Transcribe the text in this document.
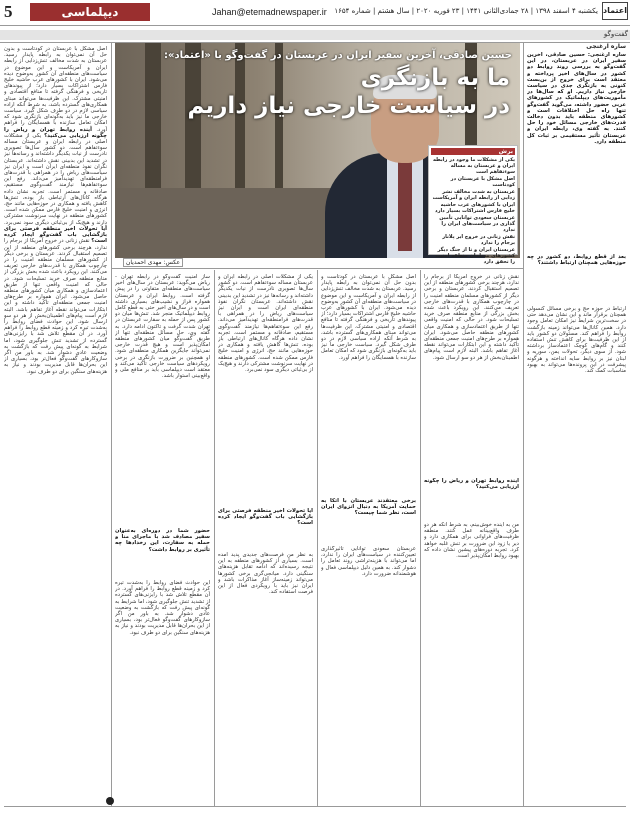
5	دیپلماسی	Jahan@etemadnewspaper.ir	یکشنبه ۴ اسفند ۱۳۹۸ | ۲۸ جمادی‌الثانی ۱۴۴۱ | ۲۳ فوریه ۲۰۲۰ | سال هشتم | شماره ۱۶۵۴ اعتماد
گفت‌وگو
ساره ارغنجی
حسین صادقی، آخرین سفیر ایران در عربستان در گفت‌وگو با «اعتماد»:
ما به بازنگری
در سیاست خارجی نیاز داریم
عکس: مهدی احمدیان
برش
یکی از مشکلات ما وجود در رابطه ایران و عربستان به مساله سوءتفاهم است
اصل مشکل با عربستان در کودتاست
عربستان به شدت مخالف نشر زدایی از رابطه ایران و آمریکاست
ایران با کشورهای عرب حاشیه خلیج فارس اشتراکات بسیار دارد
عربستان سعودی توانایی تأمین گذاری در سیاست‌های ایران را ندارد
نقش زنانی در خروج ایر پلانار برجام را ندارد
عربستان ایران و تا از جنگ دیگر کشورهای مسلمان منطقه امنیت را تحقق دارد
ساره ارغنجی: حسین صادقی، آخرین سفیر ایران در عربستان، در این گفت‌وگو به بررسی روند روابط دو کشور در سال‌های اخیر پرداخته و معتقد است برای خروج از بن‌بست کنونی به بازنگری جدی در سیاست خارجی نیاز داریم. او که سال‌ها در مأموریت‌های دیپلماتیک در کشورهای عربی حضور داشته، می‌گوید گفت‌وگو تنها راه حل اختلافات است و کشورهای منطقه باید بدون دخالت قدرت‌های خارجی مسائل خود را حل کنند. به گفته وی، رابطه ایران و عربستان تأثیر مستقیمی بر ثبات کل منطقه دارد.
بعد از قطع روابط، دو کشور در چه حوزه‌هایی همچنان ارتباط داشتند؟
ارتباط در حوزه حج و برخی مسائل کنسولی همچنان برقرار ماند و این نشان می‌دهد حتی در سخت‌ترین شرایط نیز امکان تعامل وجود دارد. همین کانال‌ها می‌تواند زمینه بازگشت روابط را فراهم کند. مسئولان دو کشور باید از این ظرفیت‌ها برای کاهش تنش استفاده کنند و گام‌های کوچک اعتمادساز برداشته شود. از سوی دیگر، تحولات یمن، سوریه و لبنان نیز بر روابط سایه انداخته و هرگونه پیشرفت در این پرونده‌ها می‌تواند به بهبود مناسبات کمک کند.
نقش زنانی در خروج آمریکا از برجام را ندارد، هرچند برخی کشورهای منطقه از این تصمیم استقبال کردند. عربستان و برخی دیگر از کشورهای مسلمان منطقه امنیت را در چارچوب همکاری با قدرت‌های خارجی تعریف می‌کنند. این رویکرد باعث شده بخش بزرگی از منابع منطقه صرف خرید تسلیحات شود. در حالی که امنیت واقعی تنها از طریق اعتمادسازی و همکاری میان کشورهای منطقه حاصل می‌شود. ایران همواره بر طرح‌های امنیت جمعی منطقه‌ای تأکید داشته و این ابتکارات می‌تواند نقطه آغاز تفاهم باشد. البته لازم است پیام‌های اطمینان‌بخش از هر دو سو ارسال شود.
آینده روابط تهران و ریاض را چگونه ارزیابی می‌کنید؟
من به آینده خوش‌بینم، به شرط آنکه هر دو طرف واقع‌بینانه عمل کنند. منطقه ظرفیت‌های فراوانی برای همکاری دارد و دیر یا زود این ضرورت بر تنش غلبه خواهد کرد. تجربه دوره‌های پیشین نشان داده که بهبود روابط امکان‌پذیر است.
اصل مشکل با عربستان در کودتاست و بدون حل آن نمی‌توان به رابطه پایدار رسید. عربستان به شدت مخالف تنش‌زدایی از رابطه ایران و آمریکاست و این موضوع در سیاست‌های منطقه‌ای آن کشور به‌وضوح دیده می‌شود. ایران با کشورهای عرب حاشیه خلیج فارس اشتراکات بسیار دارد؛ از پیوندهای تاریخی و فرهنگی گرفته تا منافع اقتصادی و امنیتی مشترک. این ظرفیت‌ها می‌تواند مبنای همکاری‌های گسترده باشد، به شرط آنکه اراده سیاسی لازم در دو طرف شکل گیرد. سیاست خارجی ما نیز باید به‌گونه‌ای بازنگری شود که امکان تعامل سازنده با همسایگان را فراهم آورد.
برخی معتقدند عربستان با اتکا به حمایت آمریکا به دنبال انزوای ایران است، نظر شما چیست؟
عربستان سعودی توانایی تأثیرگذاری تعیین‌کننده در سیاست‌های ایران را ندارد، اما می‌تواند با هزینه‌تراشی روند تعامل را دشوار کند. به همین دلیل دیپلماسی فعال و هوشمندانه ضرورت دارد.
یکی از مشکلات اصلی در رابطه ایران و عربستان مساله سوءتفاهم است. دو کشور سال‌ها تصویری نادرست از نیات یکدیگر داشته‌اند و رسانه‌ها نیز در تشدید این بدبینی نقش داشته‌اند. عربستان نگران نفوذ منطقه‌ای ایران است و ایران نیز سیاست‌های ریاض را در همراهی با قدرت‌های فرامنطقه‌ای تهدیدآمیز می‌داند. رفع این سوءتفاهم‌ها نیازمند گفت‌وگوی مستقیم، صادقانه و مستمر است. تجربه نشان داده هرگاه کانال‌های ارتباطی باز بوده، تنش‌ها کاهش یافته و همکاری در حوزه‌هایی مانند حج، انرژی و امنیت خلیج فارس ممکن شده است. کشورهای منطقه در نهایت سرنوشت مشترکی دارند و هیچ‌یک از بی‌ثباتی دیگری سود نمی‌برد.
آیا تحولات اخیر منطقه فرصتی برای بازگشایی باب گفت‌وگو ایجاد کرده است؟
به نظر من فرصت‌های جدیدی پدید آمده است. بسیاری از کشورهای منطقه به این نتیجه رسیده‌اند که ادامه تقابل هزینه‌های سنگینی دارد. میانجی‌گری برخی کشورها می‌تواند زمینه‌ساز آغاز مذاکرات باشد و ایران نیز باید با رویکردی فعال از این فرصت استفاده کند.
ساز امنیت گفت‌وگو در رابطه تهران - ریاض می‌گوید: عربستان در سال‌های اخیر سیاست‌های منطقه‌ای متفاوتی را در پیش گرفته است. روابط ایران و عربستان همواره فراز و نشیب‌های بسیاری داشته است و در سال‌های اخیر حتی به قطع کامل روابط دیپلماتیک منجر شد. تنش‌ها میان دو کشور پس از حمله به سفارت عربستان در تهران شدت گرفت و تاکنون ادامه دارد. به گفته وی، حل مسائل منطقه‌ای تنها از طریق گفت‌وگو میان کشورهای منطقه امکان‌پذیر است و هیچ قدرت خارجی نمی‌تواند جایگزین همکاری منطقه‌ای شود. او همچنین بر ضرورت بازنگری در برخی رویکردهای سیاست خارجی تأکید می‌کند و معتقد است دیپلماسی باید بر منافع ملی و واقع‌بینی استوار باشد.
حضور شما در دوره‌ای به‌عنوان سفیر مصادف شد با ماجرای منا و حمله به سفارت، این رخدادها چه تأثیری بر روابط داشت؟
این حوادث فضای روابط را به‌شدت تیره کرد و زمینه قطع روابط را فراهم آورد. در آن مقطع تلاش شد با رایزنی‌های گسترده از تشدید تنش جلوگیری شود، اما شرایط به گونه‌ای پیش رفت که بازگشت به وضعیت عادی دشوار شد. به باور من اگر سازوکارهای گفت‌وگو فعال‌تر بود، بسیاری از این بحران‌ها قابل مدیریت بودند و نیاز به هزینه‌های سنگین برای دو طرف نبود.
اصل مشکل با عربستان در کودتاست و بدون حل آن نمی‌توان به رابطه پایدار رسید. عربستان به شدت مخالف تنش‌زدایی از رابطه ایران و آمریکاست و این موضوع در سیاست‌های منطقه‌ای آن کشور به‌وضوح دیده می‌شود. ایران با کشورهای عرب حاشیه خلیج فارس اشتراکات بسیار دارد؛ از پیوندهای تاریخی و فرهنگی گرفته تا منافع اقتصادی و امنیتی مشترک. این ظرفیت‌ها می‌تواند مبنای همکاری‌های گسترده باشد، به شرط آنکه اراده سیاسی لازم در دو طرف شکل گیرد. سیاست خارجی ما نیز باید به‌گونه‌ای بازنگری شود که امکان تعامل سازنده با همسایگان را فراهم آورد. آینده روابط تهران و ریاض را چگونه ارزیابی می‌کنید؟ یکی از مشکلات اصلی در رابطه ایران و عربستان مساله سوءتفاهم است. دو کشور سال‌ها تصویری نادرست از نیات یکدیگر داشته‌اند و رسانه‌ها نیز در تشدید این بدبینی نقش داشته‌اند. عربستان نگران نفوذ منطقه‌ای ایران است و ایران نیز سیاست‌های ریاض را در همراهی با قدرت‌های فرامنطقه‌ای تهدیدآمیز می‌داند. رفع این سوءتفاهم‌ها نیازمند گفت‌وگوی مستقیم، صادقانه و مستمر است. تجربه نشان داده هرگاه کانال‌های ارتباطی باز بوده، تنش‌ها کاهش یافته و همکاری در حوزه‌هایی مانند حج، انرژی و امنیت خلیج فارس ممکن شده است. کشورهای منطقه در نهایت سرنوشت مشترکی دارند و هیچ‌یک از بی‌ثباتی دیگری سود نمی‌برد. آیا تحولات اخیر منطقه فرصتی برای بازگشایی باب گفت‌وگو ایجاد کرده است؟ نقش زنانی در خروج آمریکا از برجام را ندارد، هرچند برخی کشورهای منطقه از این تصمیم استقبال کردند. عربستان و برخی دیگر از کشورهای مسلمان منطقه امنیت را در چارچوب همکاری با قدرت‌های خارجی تعریف می‌کنند. این رویکرد باعث شده بخش بزرگی از منابع منطقه صرف خرید تسلیحات شود. در حالی که امنیت واقعی تنها از طریق اعتمادسازی و همکاری میان کشورهای منطقه حاصل می‌شود. ایران همواره بر طرح‌های امنیت جمعی منطقه‌ای تأکید داشته و این ابتکارات می‌تواند نقطه آغاز تفاهم باشد. البته لازم است پیام‌های اطمینان‌بخش از هر دو سو ارسال شود. این حوادث فضای روابط را به‌شدت تیره کرد و زمینه قطع روابط را فراهم آورد. در آن مقطع تلاش شد با رایزنی‌های گسترده از تشدید تنش جلوگیری شود، اما شرایط به گونه‌ای پیش رفت که بازگشت به وضعیت عادی دشوار شد. به باور من اگر سازوکارهای گفت‌وگو فعال‌تر بود، بسیاری از این بحران‌ها قابل مدیریت بودند و نیاز به هزینه‌های سنگین برای دو طرف نبود.
